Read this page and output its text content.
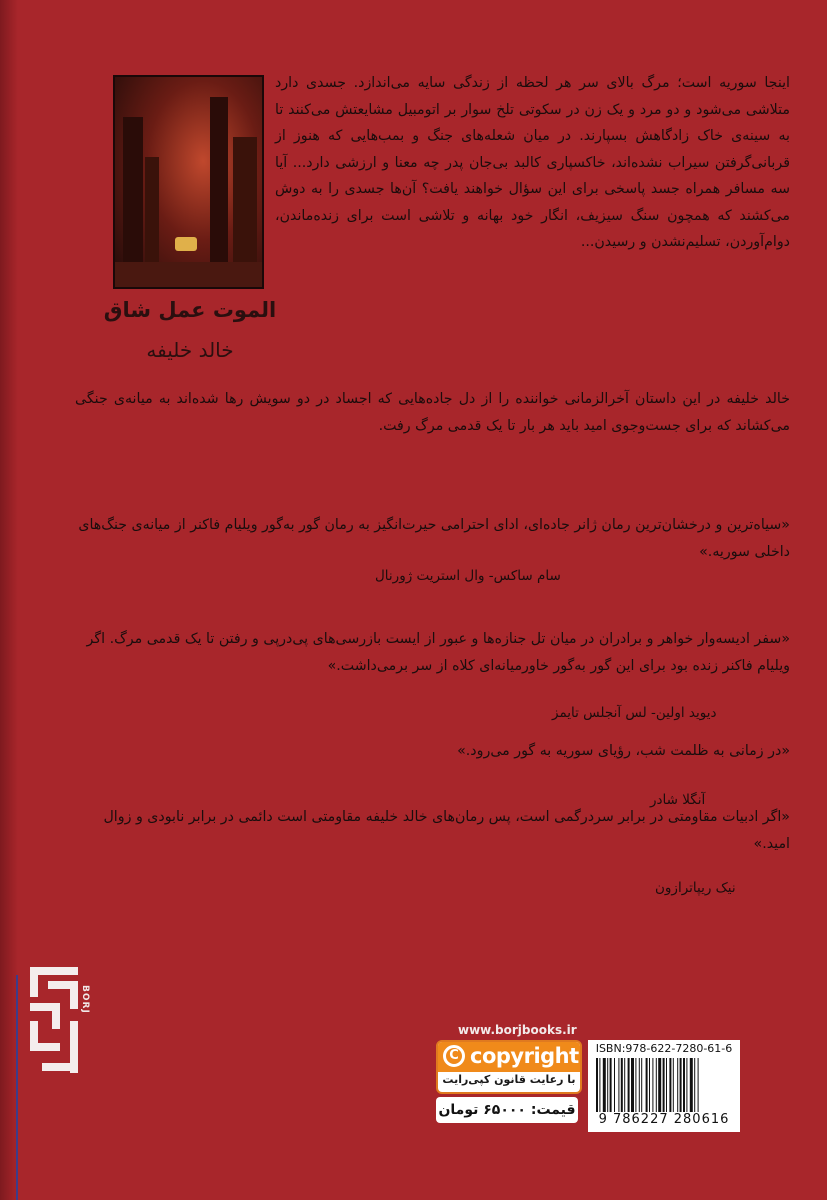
الموت عمل شاق
خالد خلیفه

اینجا سوریه است؛ مرگ بالای سر هر لحظه از زندگی سایه می‌اندازد. جسدی دارد متلاشی می‌شود و دو مرد و یک زن در سکوتی تلخ سوار بر اتومبیل مشایعتش می‌کنند تا به سینه‌ی خاک زادگاهش بسپارند. در میان شعله‌های جنگ و بمب‌هایی که هنوز از قربانی‌گرفتن سیراب نشده‌اند، خاکسپاری کالبد بی‌جان پدر چه معنا و ارزشی دارد... آیا سه مسافر همراه جسد پاسخی برای این سؤال خواهند یافت؟ آن‌ها جسدی را به دوش می‌کشند که همچون سنگ سیزیف، انگار خود بهانه و تلاشی است برای زنده‌ماندن، دوام‌آوردن، تسلیم‌نشدن و رسیدن...

خالد خلیفه در این داستان آخرالزمانی خواننده را از دل جاده‌هایی که اجساد در دو سویش رها شده‌اند به میانه‌ی جنگی می‌کشاند که برای جست‌وجوی امید باید هر بار تا یک قدمی مرگ رفت.

«سیاه‌ترین و درخشان‌ترین رمان ژانر جاده‌ای، ادای احترامی حیرت‌انگیز به رمان گور به‌گور ویلیام فاکنر از میانه‌ی جنگ‌های داخلی سوریه.»

سام ساکس- وال استریت ژورنال

«سفر ادیسه‌وار خواهر و برادران در میان تل جنازه‌ها و عبور از ایست بازرسی‌های پی‌درپی و رفتن تا یک قدمی مرگ. اگر ویلیام فاکنر زنده بود برای این گور به‌گور خاورمیانه‌ای کلاه از سر برمی‌داشت.»

دیوید اولین- لس آنجلس تایمز

«در زمانی به ظلمت شب، رؤیای سوریه به گور می‌رود.»

آنگلا شادر

«اگر ادبیات مقاومتی در برابر سردرگمی است، پس رمان‌های خالد خلیفه مقاومتی است دائمی در برابر نابودی و زوال امید.»

نیک ریپاترازون
BORJ
www.borjbooks.ir
C copyright
با رعایت قانون کپی‌رایت
قیمت: ۶۵۰۰۰ تومان
ISBN:978-622-7280-61-6
9 786227 280616
